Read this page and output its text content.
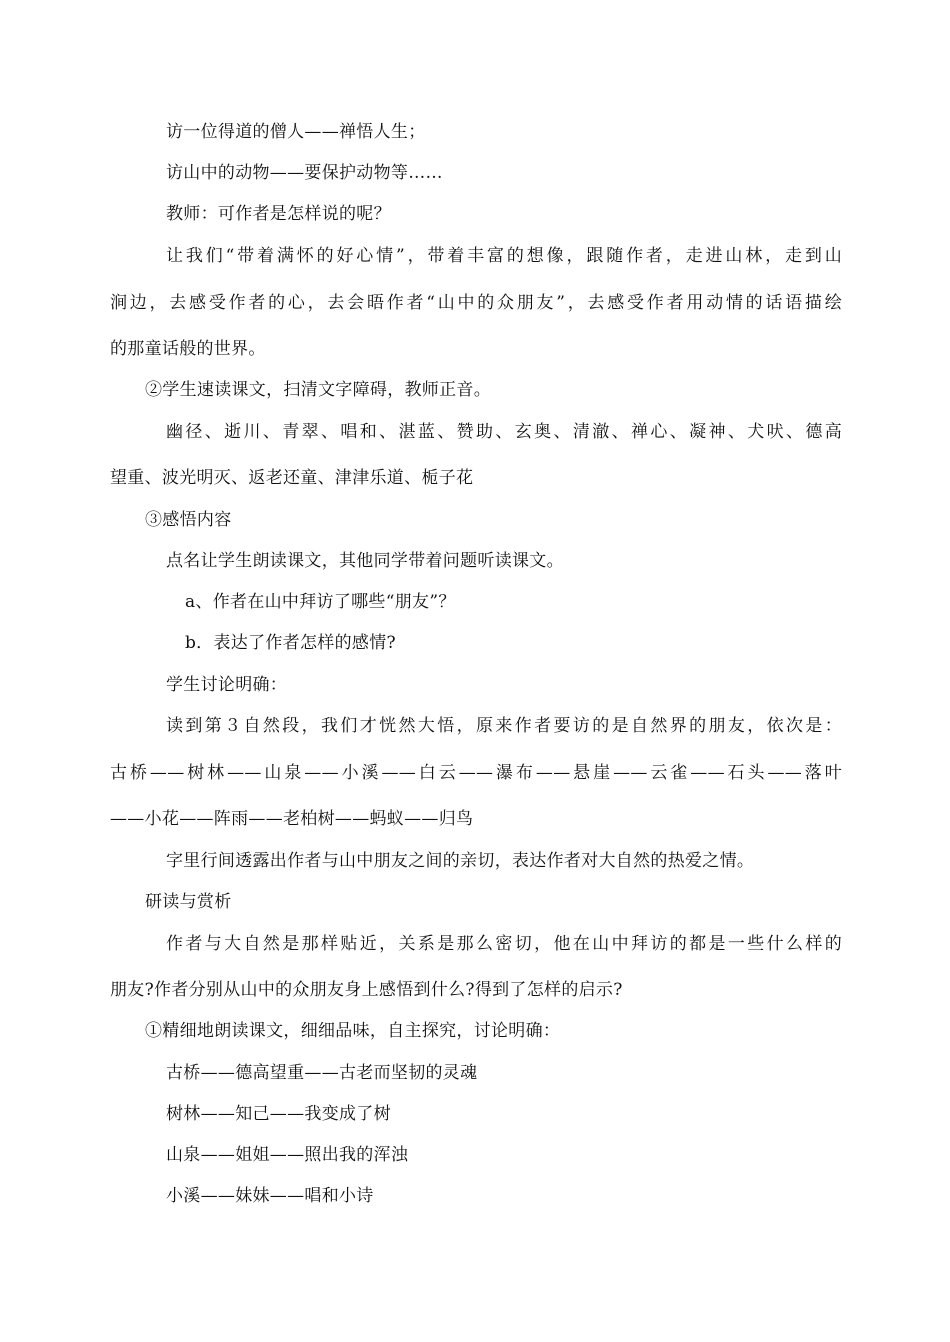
访一位得道的僧人——禅悟人生；
访山中的动物——要保护动物等……
教师：可作者是怎样说的呢？
让我们“带着满怀的好心情”，带着丰富的想像，跟随作者，走进山林，走到山
涧边，去感受作者的心，去会晤作者“山中的众朋友”，去感受作者用动情的话语描绘
的那童话般的世界。
②学生速读课文，扫清文字障碍，教师正音。
幽径、逝川、青翠、唱和、湛蓝、赞助、玄奥、清澈、禅心、凝神、犬吠、德高
望重、波光明灭、返老还童、津津乐道、栀子花
③感悟内容
点名让学生朗读课文，其他同学带着问题听读课文。
a、作者在山中拜访了哪些“朋友”？
b．表达了作者怎样的感情?
学生讨论明确：
读到第３自然段，我们才恍然大悟，原来作者要访的是自然界的朋友，依次是：
古桥——树林——山泉——小溪——白云——瀑布——悬崖——云雀——石头——落叶
——小花——阵雨——老柏树——蚂蚁——归鸟
字里行间透露出作者与山中朋友之间的亲切，表达作者对大自然的热爱之情。
研读与赏析
作者与大自然是那样贴近，关系是那么密切，他在山中拜访的都是一些什么样的
朋友?作者分别从山中的众朋友身上感悟到什么?得到了怎样的启示?
①精细地朗读课文，细细品味，自主探究，讨论明确：
古桥——德高望重——古老而坚韧的灵魂
树林——知己——我变成了树
山泉——姐姐——照出我的浑浊
小溪——妹妹——唱和小诗
